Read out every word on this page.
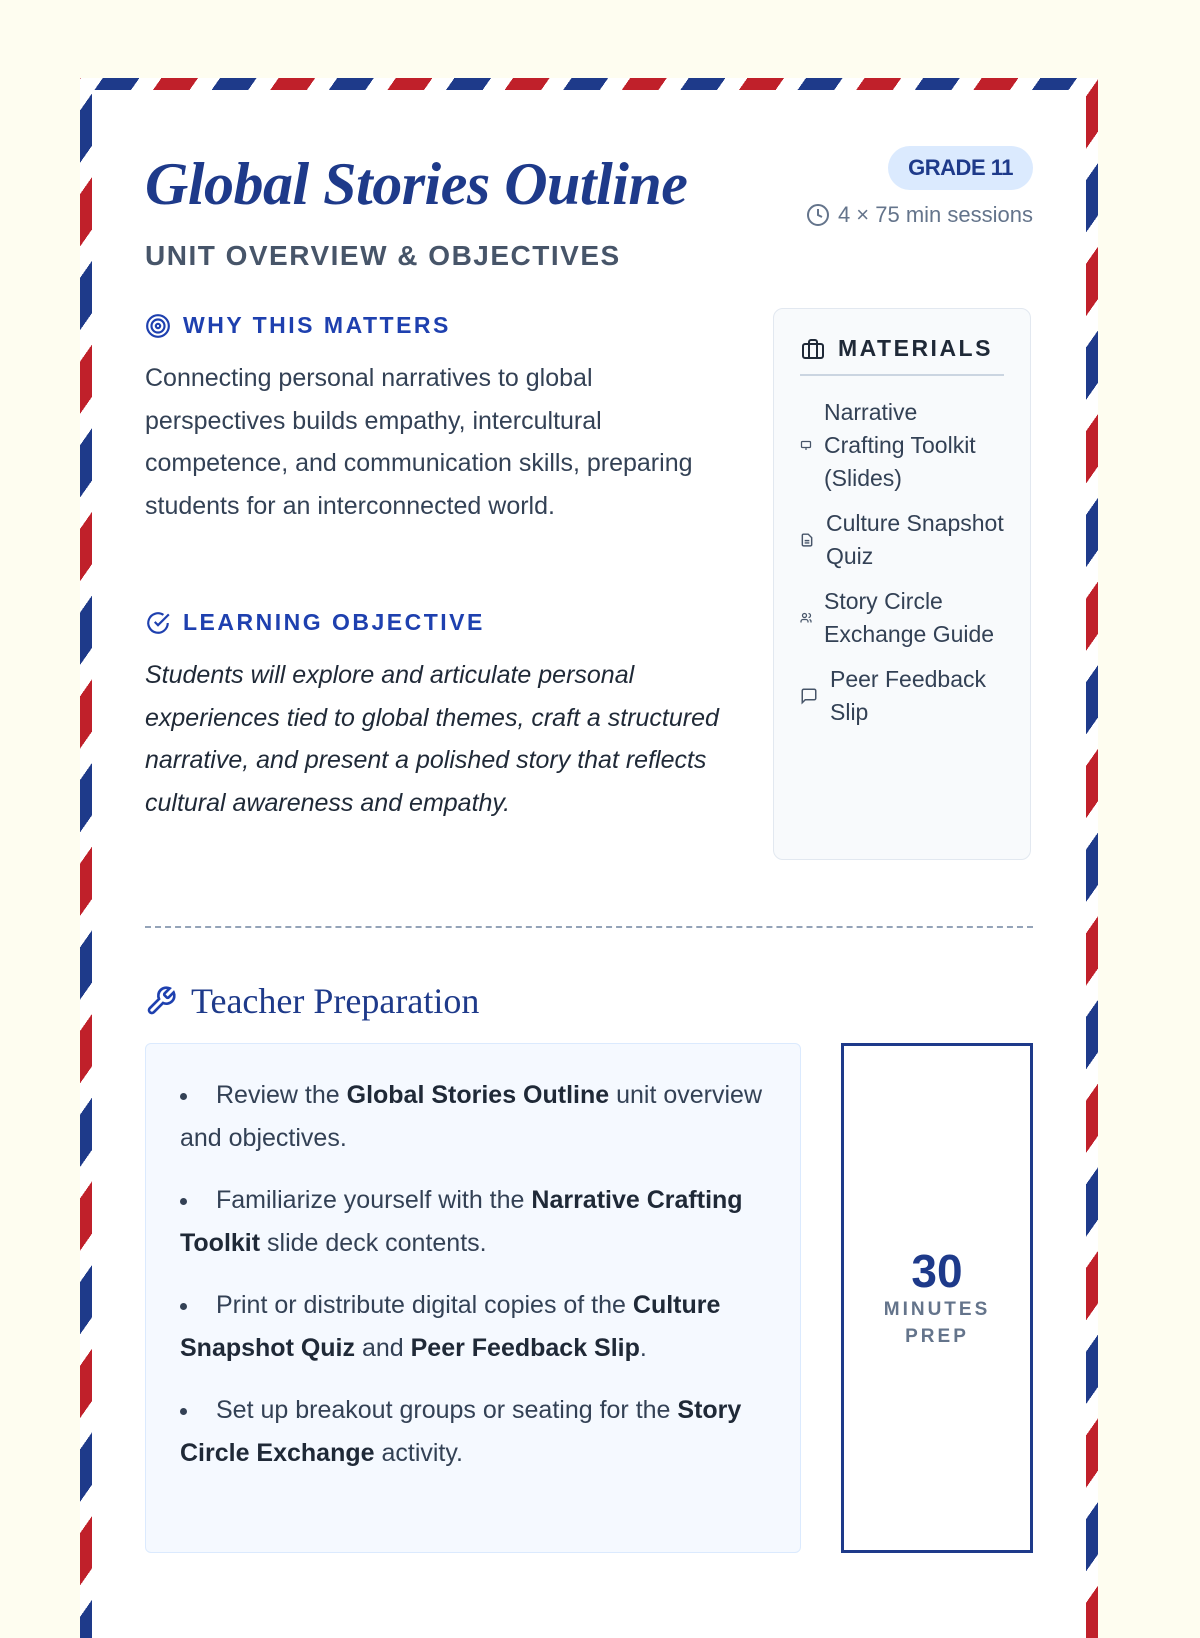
Global Stories Outline
UNIT OVERVIEW & OBJECTIVES
GRADE 11
4 × 75 min sessions
WHY THIS MATTERS
Connecting personal narratives to global perspectives builds empathy, intercultural competence, and communication skills, preparing students for an interconnected world.
LEARNING OBJECTIVE
Students will explore and articulate personal experiences tied to global themes, craft a structured narrative, and present a polished story that reflects cultural awareness and empathy.
MATERIALS
Narrative Crafting Toolkit (Slides)
Culture Snapshot Quiz
Story Circle Exchange Guide
Peer Feedback Slip
Teacher Preparation
Review the Global Stories Outline unit overview and objectives.
Familiarize yourself with the Narrative Crafting Toolkit slide deck contents.
Print or distribute digital copies of the Culture Snapshot Quiz and Peer Feedback Slip.
Set up breakout groups or seating for the Story Circle Exchange activity.
30
MINUTES PREP
